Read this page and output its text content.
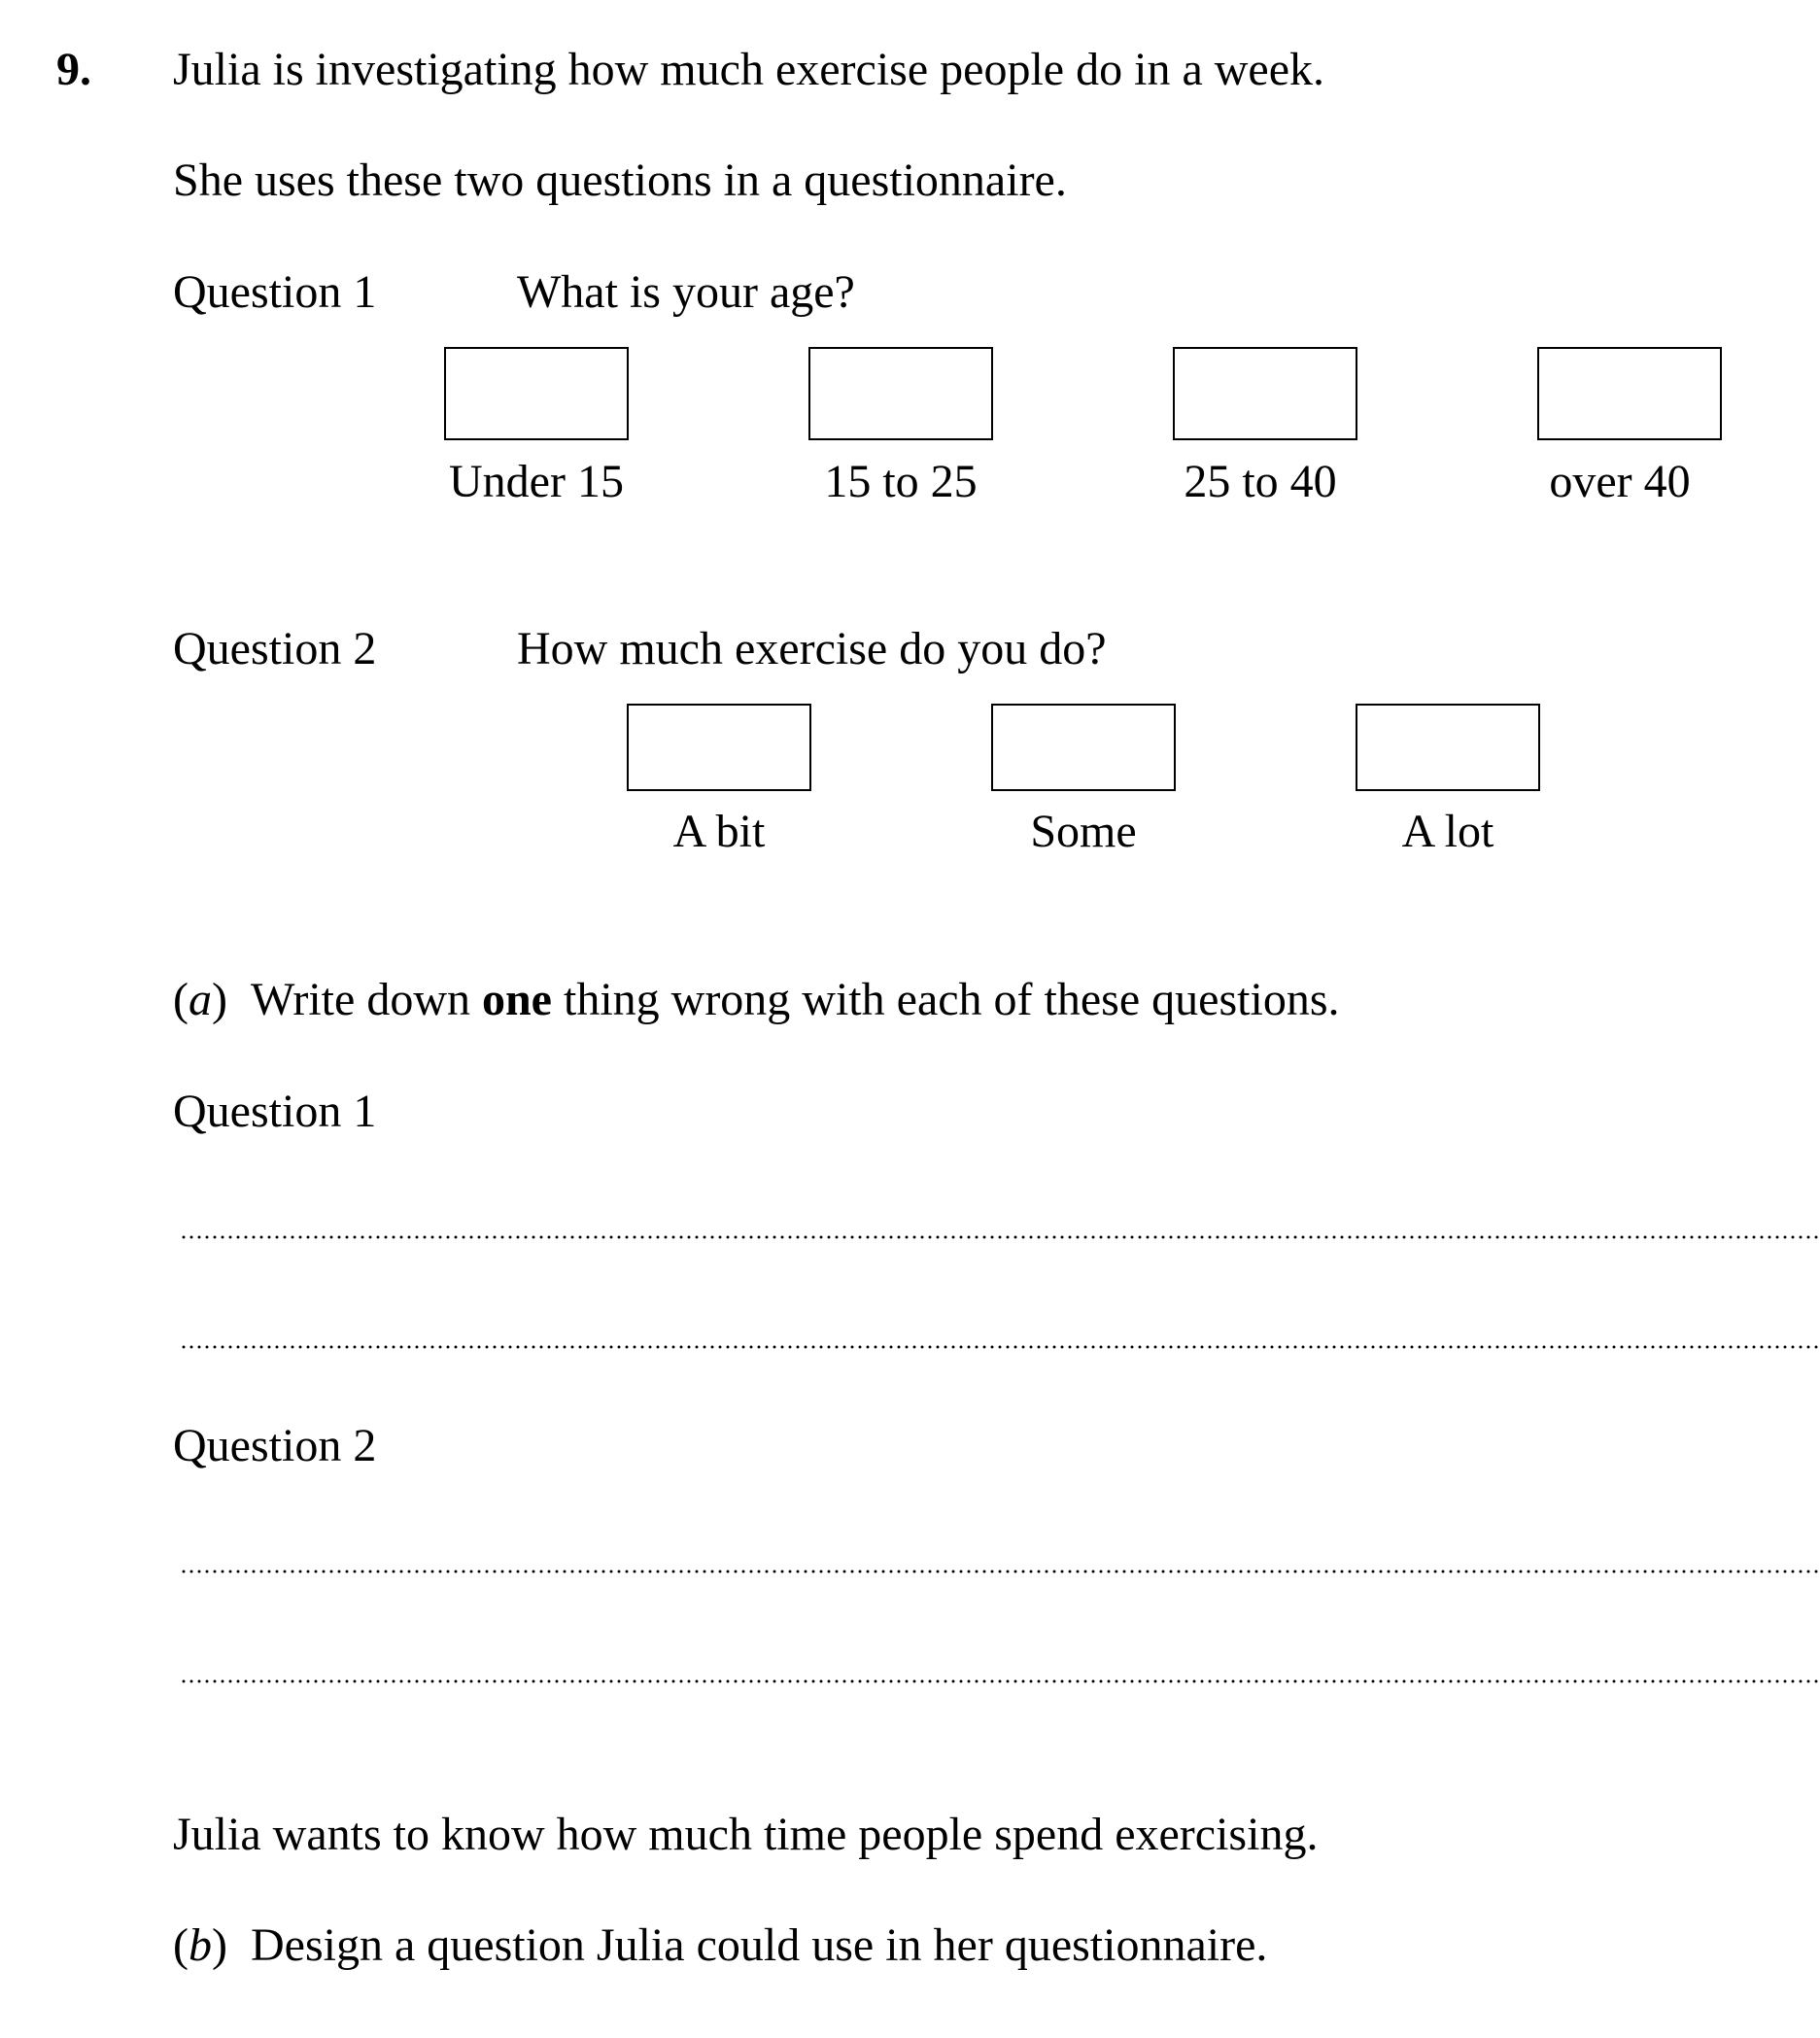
9. Julia is investigating how much exercise people do in a week.
She uses these two questions in a questionnaire.
Question 1	What is your age?
Under 15	15 to 25	25 to 40	over 40
Question 2	How much exercise do you do?
A bit	Some	A lot
(a)  Write down one thing wrong with each of these questions.
Question 1
Question 2
Julia wants to know how much time people spend exercising.
(b)  Design a question Julia could use in her questionnaire.
